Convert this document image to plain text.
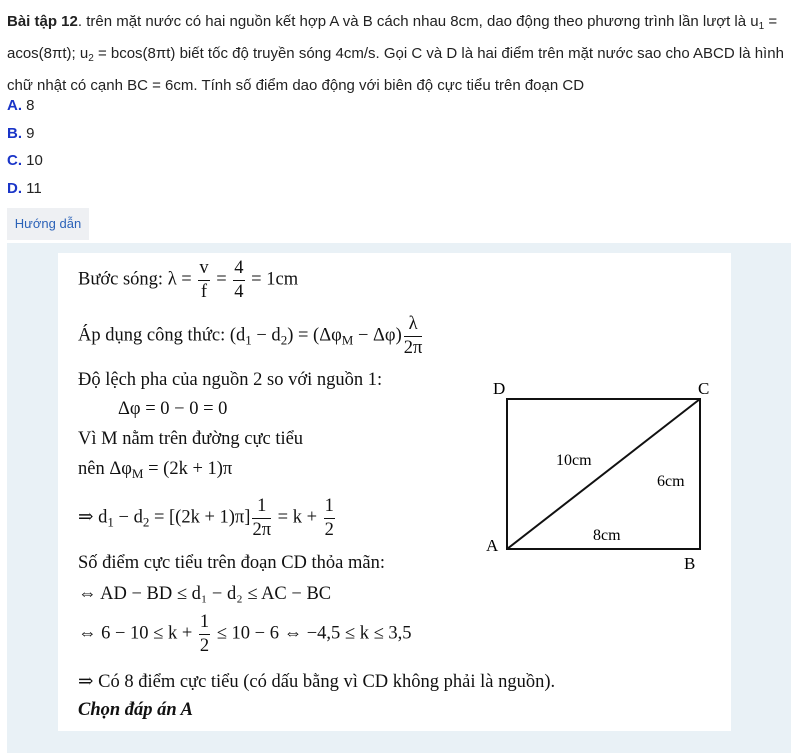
Bài tập 12. trên mặt nước có hai nguồn kết hợp A và B cách nhau 8cm, dao động theo phương trình lần lượt là $u_1 = acos(8\pi t)$; $u_2 = bcos(8\pi t)$ biết tốc độ truyền sóng 4cm/s. Gọi C và D là hai điểm trên mặt nước sao cho ABCD là hình chữ nhật có cạnh BC = 6cm. Tính số điểm dao động với biên độ cực tiểu trên đoạn CD
A. 8
B. 9
C. 10
D. 11
Hướng dẫn
Bước sóng: $\lambda = \frac{v}{f} = \frac{4}{4} = 1cm$
Áp dụng công thức: $(d_1 - d_2) = (\Delta\varphi_M - \Delta\varphi) \frac{\lambda}{2\pi}$
Độ lệch pha của nguồn 2 so với nguồn 1:
Δφ = 0 − 0 = 0
Vì M nằm trên đường cực tiểu
nên $\Delta\varphi_M = (2k + 1)\pi$
⇒ $d_1 - d_2 = [(2k + 1)\pi] \frac{1}{2\pi} = k + \frac{1}{2}$
Số điểm cực tiểu trên đoạn CD thỏa mãn:
⇔ AD − BD ≤ d₁ − d₂ ≤ AC − BC
⇔ $6 - 10 \le k + \frac{1}{2} \le 10 - 6$ ⇔ −4,5 ≤ k ≤ 3,5
⇒ Có 8 điểm cực tiểu (có dấu bằng vì CD không phải là nguồn).
Chọn đáp án A
D	C
A
B
10cm
6cm
8cm
